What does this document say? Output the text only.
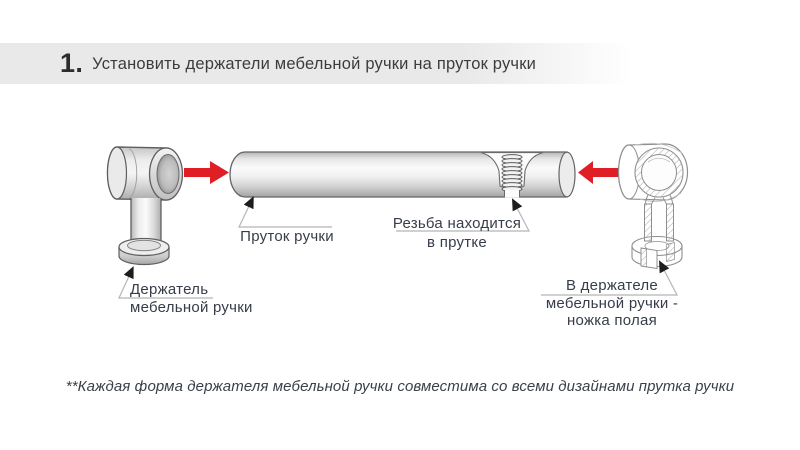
1. Установить держатели мебельной ручки на пруток ручки
Держатель
мебельной ручки
Пруток ручки
Резьба находится
в прутке
В держателе
мебельной ручки -
ножка полая
**Каждая форма держателя мебельной ручки совместима со всеми дизайнами прутка ручки
